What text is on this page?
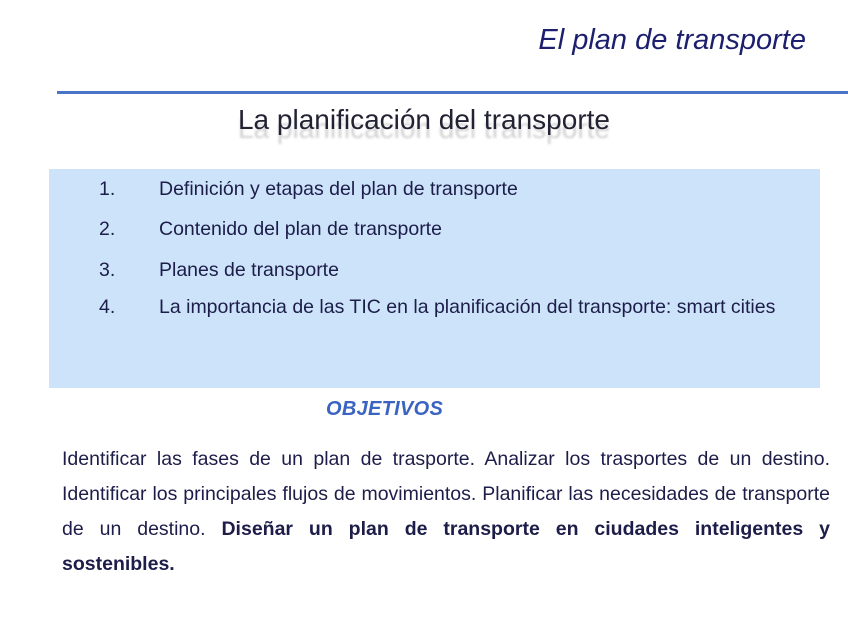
El plan de transporte
La planificación del transporte
1. Definición y etapas del plan de transporte
2. Contenido del plan de transporte
3. Planes de transporte
4. La importancia de las TIC en la planificación del transporte: smart cities
OBJETIVOS
Identificar las fases de un plan de trasporte. Analizar los trasportes de un destino. Identificar los principales flujos de movimientos. Planificar las necesidades de transporte de un destino. Diseñar un plan de transporte en ciudades inteligentes y sostenibles.
